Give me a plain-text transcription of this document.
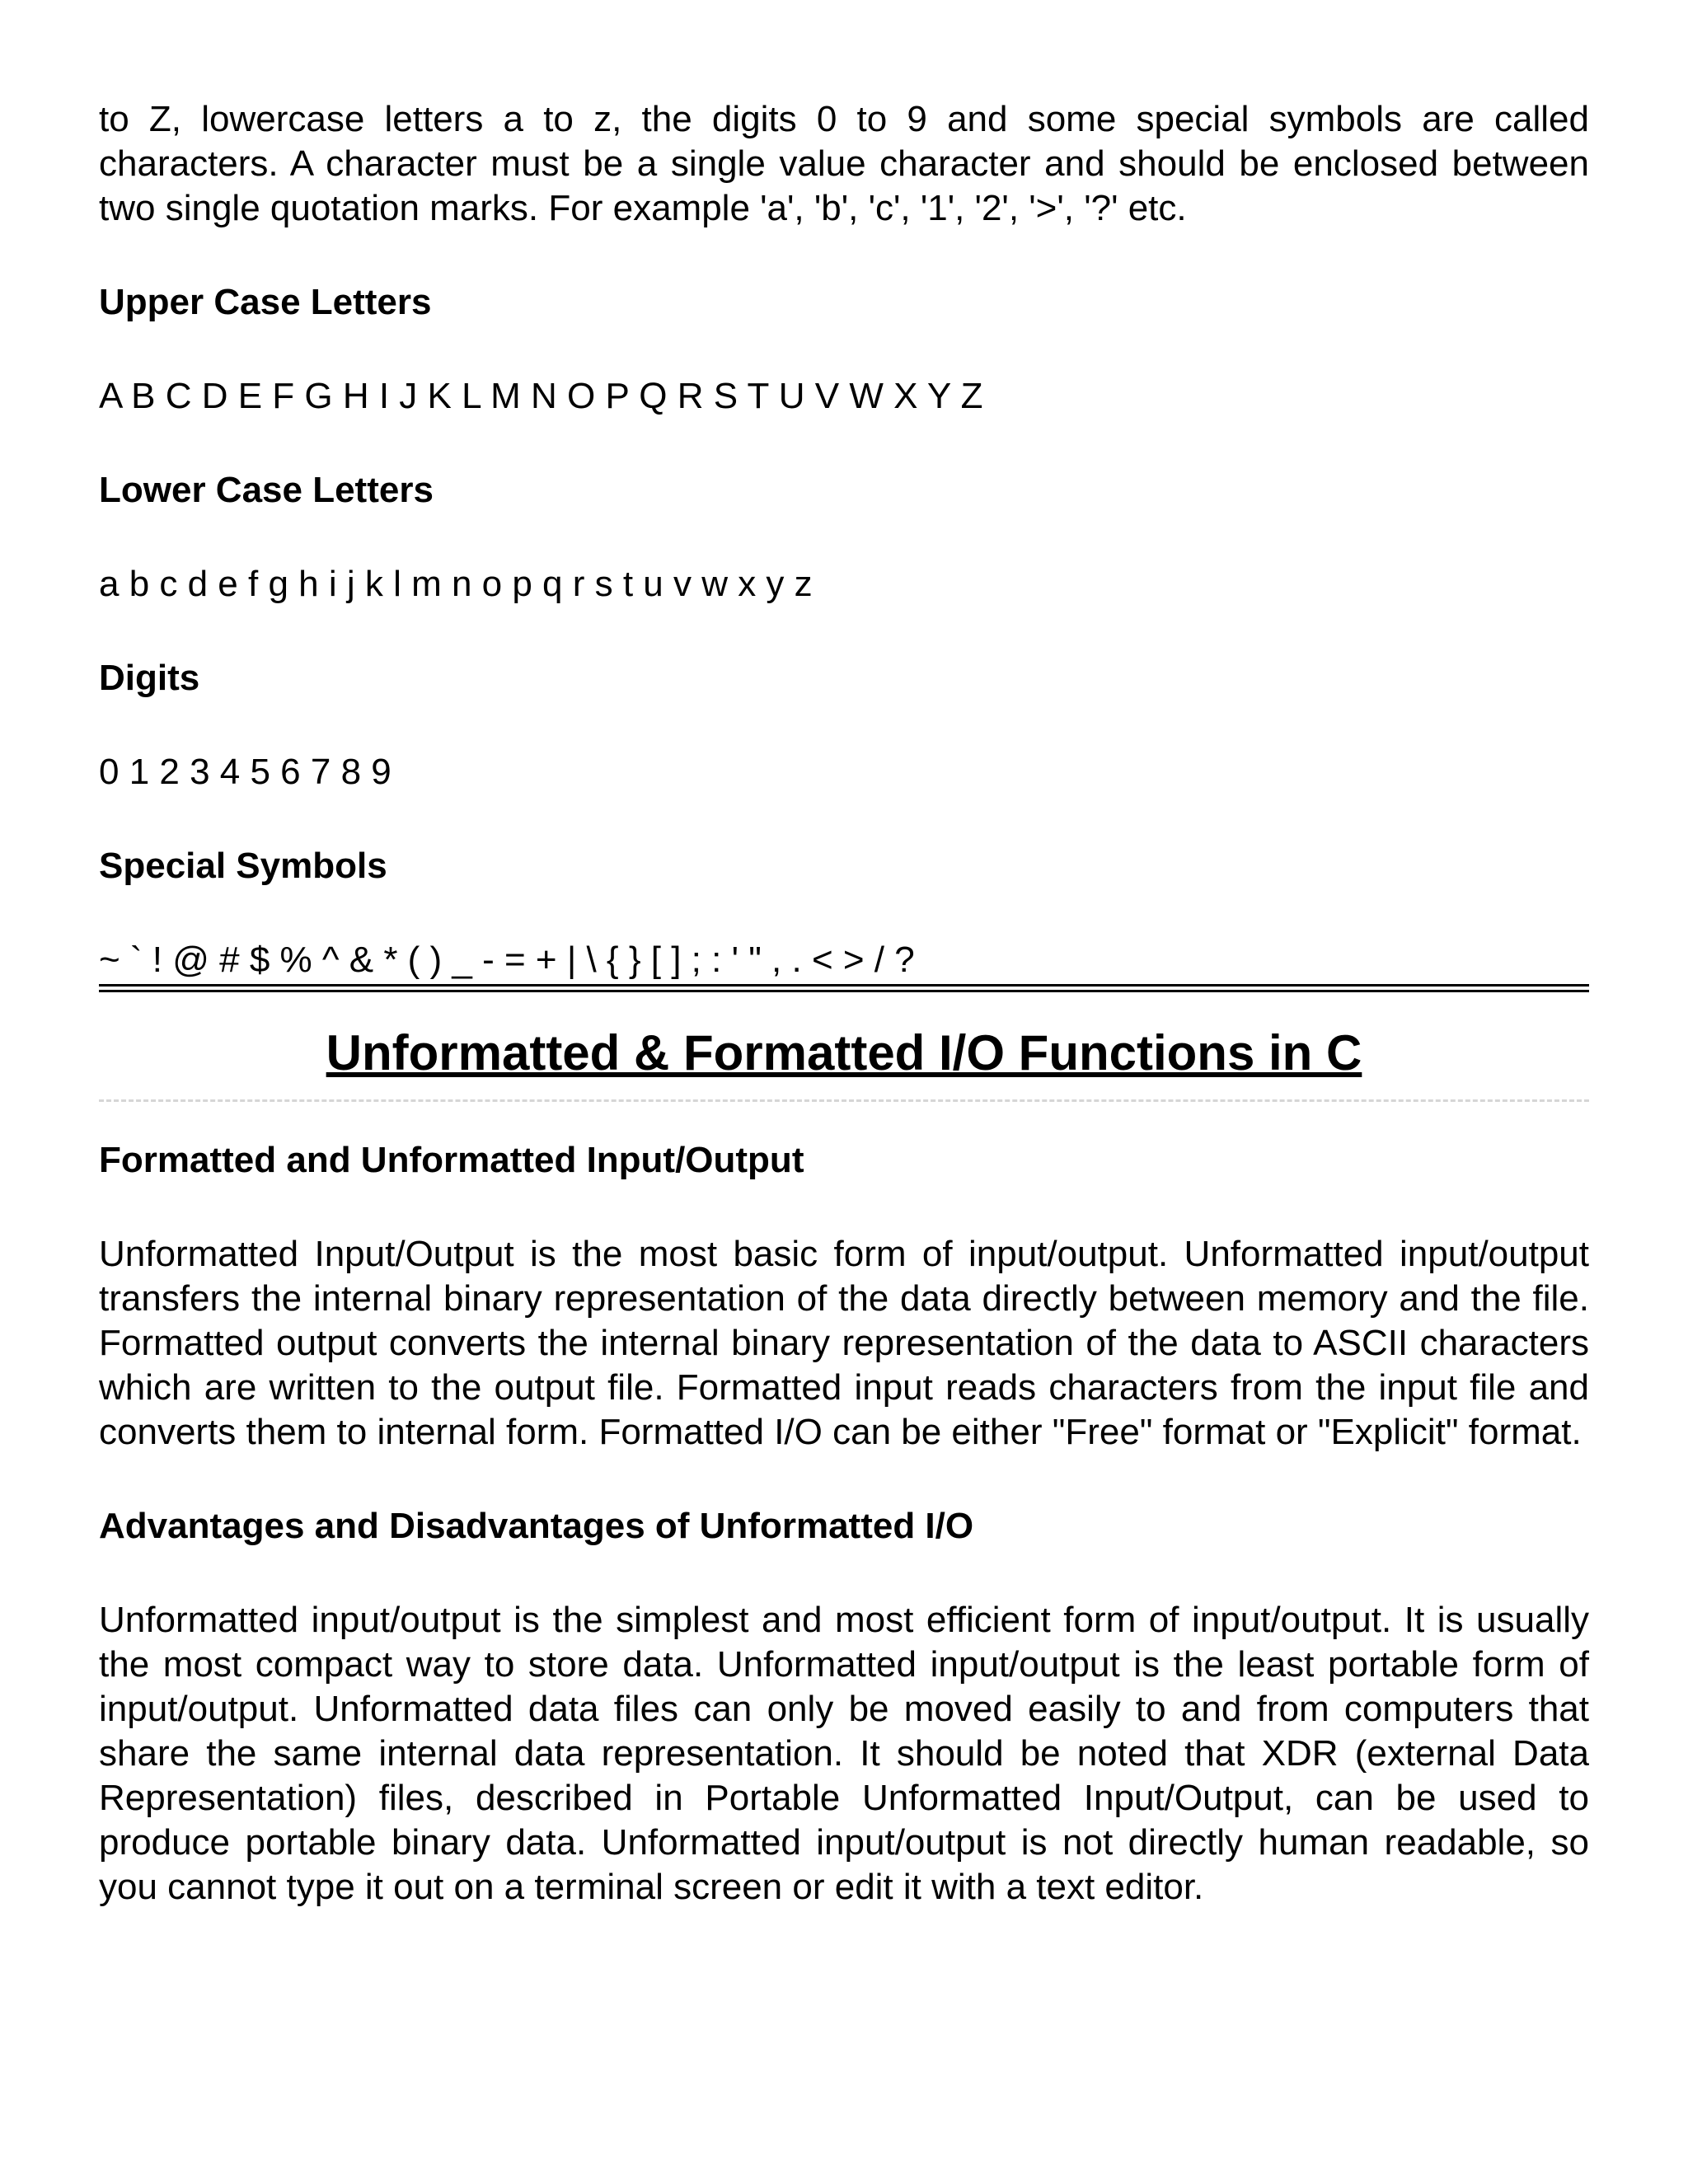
to Z, lowercase letters a to z, the digits 0 to 9 and some special symbols are called characters. A character must be a single value character and should be enclosed between two single quotation marks. For example 'a', 'b', 'c', '1', '2', '>', '?' etc.

Upper Case Letters

A B C D E F G H I J K L M N O P Q R S T U V W X Y Z

Lower Case Letters

a b c d e f g h i j k l m n o p q r s t u v w x y z

Digits

0 1 2 3 4 5 6 7 8 9

Special Symbols

~ ` ! @ # $ % ^ & * ( ) _ - = + | \ { } [ ] ; : ' " , . < > / ?

Unformatted & Formatted I/O Functions in C

Formatted and Unformatted Input/Output

Unformatted Input/Output is the most basic form of input/output. Unformatted input/output transfers the internal binary representation of the data directly between memory and the file. Formatted output converts the internal binary representation of the data to ASCII characters which are written to the output file. Formatted input reads characters from the input file and converts them to internal form. Formatted I/O can be either "Free" format or "Explicit" format.

Advantages and Disadvantages of Unformatted I/O

Unformatted input/output is the simplest and most efficient form of input/output. It is usually the most compact way to store data. Unformatted input/output is the least portable form of input/output. Unformatted data files can only be moved easily to and from computers that share the same internal data representation. It should be noted that XDR (external Data Representation) files, described in Portable Unformatted Input/Output, can be used to produce portable binary data. Unformatted input/output is not directly human readable, so you cannot type it out on a terminal screen or edit it with a text editor.
